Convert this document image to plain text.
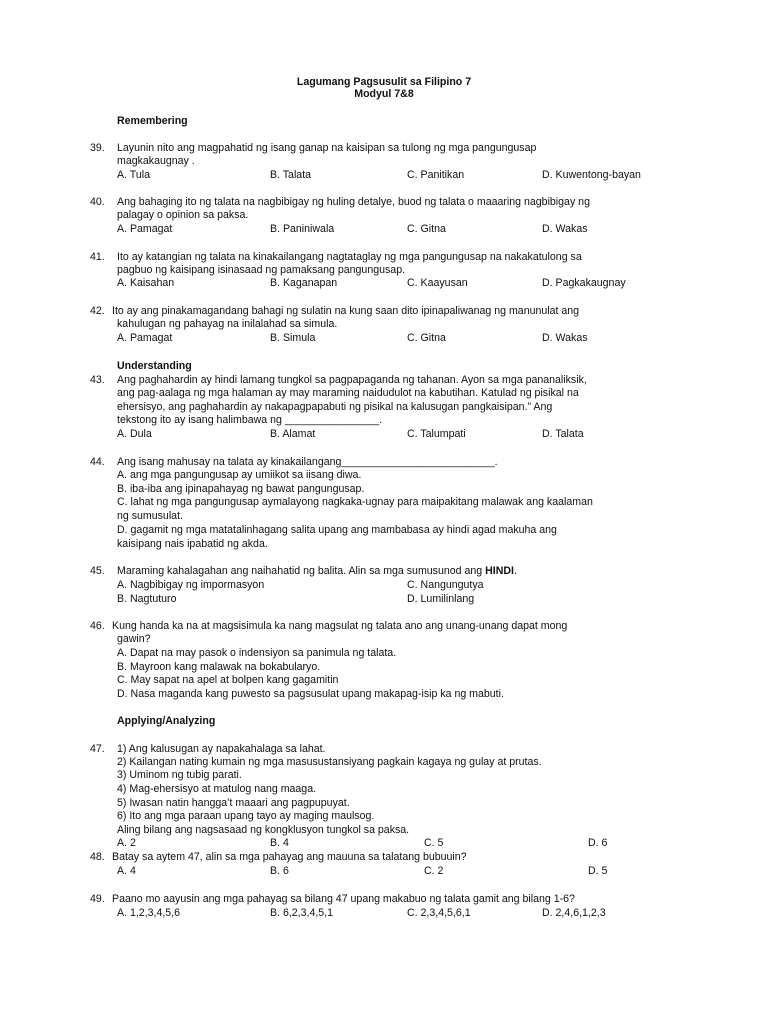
Lagumang Pagsusulit sa Filipino 7
Modyul 7&8
Remembering
39. Layunin nito ang magpahatid ng isang ganap na kaisipan sa tulong ng mga pangungusap
magkakaugnay .
A. Tula	B. Talata	C. Panitikan	D. Kuwentong-bayan
40. Ang bahaging ito ng talata na nagbibigay ng huling detalye, buod ng talata o maaaring nagbibigay ng
palagay o opinion sa paksa.
A. Pamagat	B. Paniniwala	C. Gitna	D. Wakas
41. Ito ay katangian ng talata na kinakailangang nagtataglay ng mga pangungusap na nakakatulong sa
pagbuo ng kaisipang isinasaad ng pamaksang pangungusap.
A. Kaisahan	B. Kaganapan	C. Kaayusan	D. Pagkakaugnay
42. Ito ay ang pinakamagandang bahagi ng sulatin na kung saan dito ipinapaliwanag ng manunulat ang
kahulugan ng pahayag na inilalahad sa simula.
A. Pamagat	B. Simula	C. Gitna	D. Wakas
Understanding
43. Ang paghahardin ay hindi lamang tungkol sa pagpapaganda ng tahanan. Ayon sa mga pananaliksik,
ang pag-aalaga ng mga halaman ay may maraming naidudulot na kabutihan. Katulad ng pisikal na
ehersisyo, ang paghahardin ay nakapagpapabuti ng pisikal na kalusugan pangkaisipan.” Ang
tekstong ito ay isang halimbawa ng ________________.
A. Dula	B. Alamat	C. Talumpati	D. Talata
44. Ang isang mahusay na talata ay kinakailangang__________________________.
A. ang mga pangungusap ay umiikot sa iisang diwa.
B. iba-iba ang ipinapahayag ng bawat pangungusap.
C. lahat ng mga pangungusap aymalayong nagkaka-ugnay para maipakitang malawak ang kaalaman
ng sumusulat.
D. gagamit ng mga matatalinhagang salita upang ang mambabasa ay hindi agad makuha ang
kaisipang nais ipabatid ng akda.
45. Maraming kahalagahan ang naihahatid ng balita. Alin sa mga sumusunod ang HINDI.
A. Nagbibigay ng impormasyon	C. Nangungutya
B. Nagtuturo	D. Lumilinlang
46. Kung handa ka na at magsisimula ka nang magsulat ng talata ano ang unang-unang dapat mong
gawin?
A. Dapat na may pasok o indensiyon sa panimula ng talata.
B. Mayroon kang malawak na bokabularyo.
C. May sapat na apel at bolpen kang gagamitin
D. Nasa maganda kang puwesto sa pagsusulat upang makapag-isip ka ng mabuti.
Applying/Analyzing
47. 1) Ang kalusugan ay napakahalaga sa lahat.
2) Kailangan nating kumain ng mga masusustansiyang pagkain kagaya ng gulay at prutas.
3) Uminom ng tubig parati.
4) Mag-ehersisyo at matulog nang maaga.
5) Iwasan natin hangga’t maaari ang pagpupuyat.
6) Ito ang mga paraan upang tayo ay maging maulsog.
Aling bilang ang nagsasaad ng kongklusyon tungkol sa paksa.
A. 2	B. 4	C. 5	D. 6
48. Batay sa aytem 47, alin sa mga pahayag ang mauuna sa talatang bubuuin?
A. 4	B. 6	C. 2	D. 5
49. Paano mo aayusin ang mga pahayag sa bilang 47 upang makabuo ng talata gamit ang bilang 1-6?
A. 1,2,3,4,5,6	B. 6,2,3,4,5,1	C. 2,3,4,5,6,1	D. 2,4,6,1,2,3
